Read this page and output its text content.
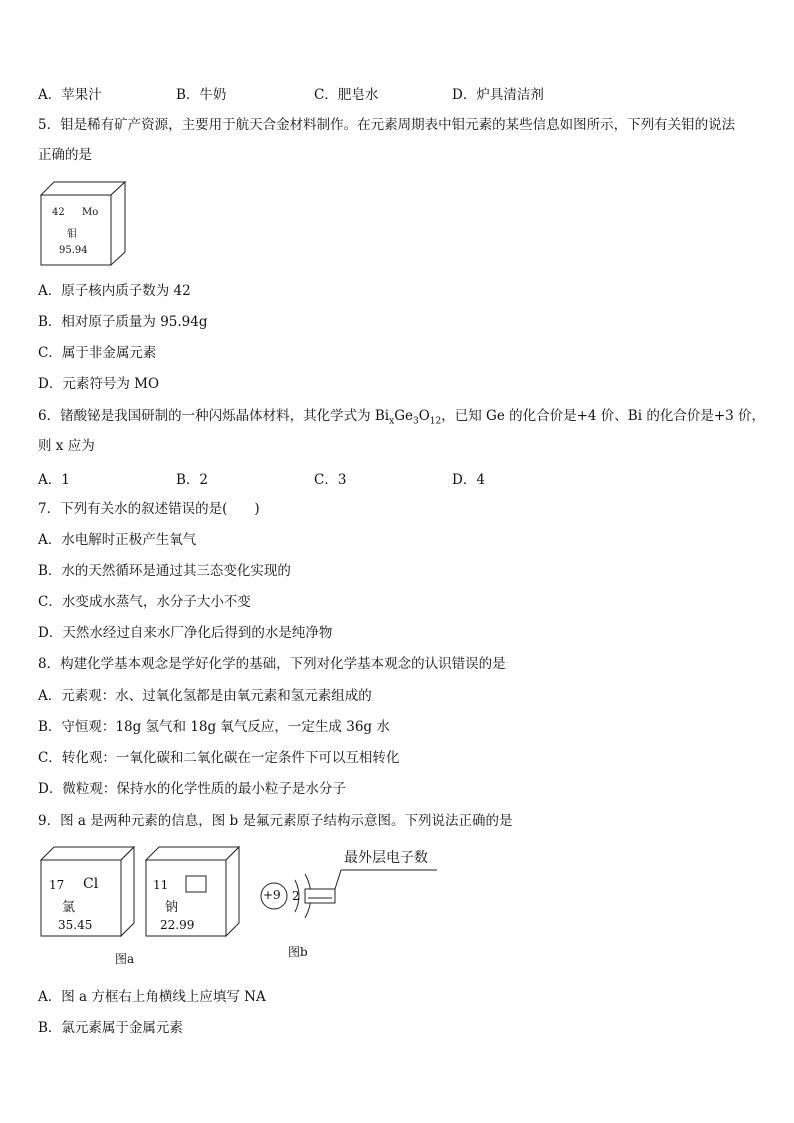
A．苹果汁	B．牛奶	C．肥皂水	D．炉具清洁剂
5．钼是稀有矿产资源，主要用于航天合金材料制作。在元素周期表中钼元素的某些信息如图所示，下列有关钼的说法
正确的是
42 Mo
钼
95.94
A．原子核内质子数为 42
B．相对原子质量为 95.94g
C．属于非金属元素
D．元素符号为 MO
6．锗酸铋是我国研制的一种闪烁晶体材料，其化学式为 $Bi_xGe_3O_{12}$，已知 Ge 的化合价是+4 价、Bi 的化合价是+3 价，
则 x 应为
A．1	B．2	C．3	D．4
7．下列有关水的叙述错误的是(　　)
A．水电解时正极产生氧气
B．水的天然循环是通过其三态变化实现的
C．水变成水蒸气，水分子大小不变
D．天然水经过自来水厂净化后得到的水是纯净物
8．构建化学基本观念是学好化学的基础，下列对化学基本观念的认识错误的是
A．元素观：水、过氧化氢都是由氧元素和氢元素组成的
B．守恒观：18g 氢气和 18g 氧气反应，一定生成 36g 水
C．转化观：一氧化碳和二氧化碳在一定条件下可以互相转化
D．微粒观：保持水的化学性质的最小粒子是水分子
9．图 a 是两种元素的信息，图 b 是氟元素原子结构示意图。下列说法正确的是
17 Cl
氯
35.45
11
钠
22.99
图a
+9 2
最外层电子数
图b
A．图 a 方框右上角横线上应填写 NA
B．氯元素属于金属元素
